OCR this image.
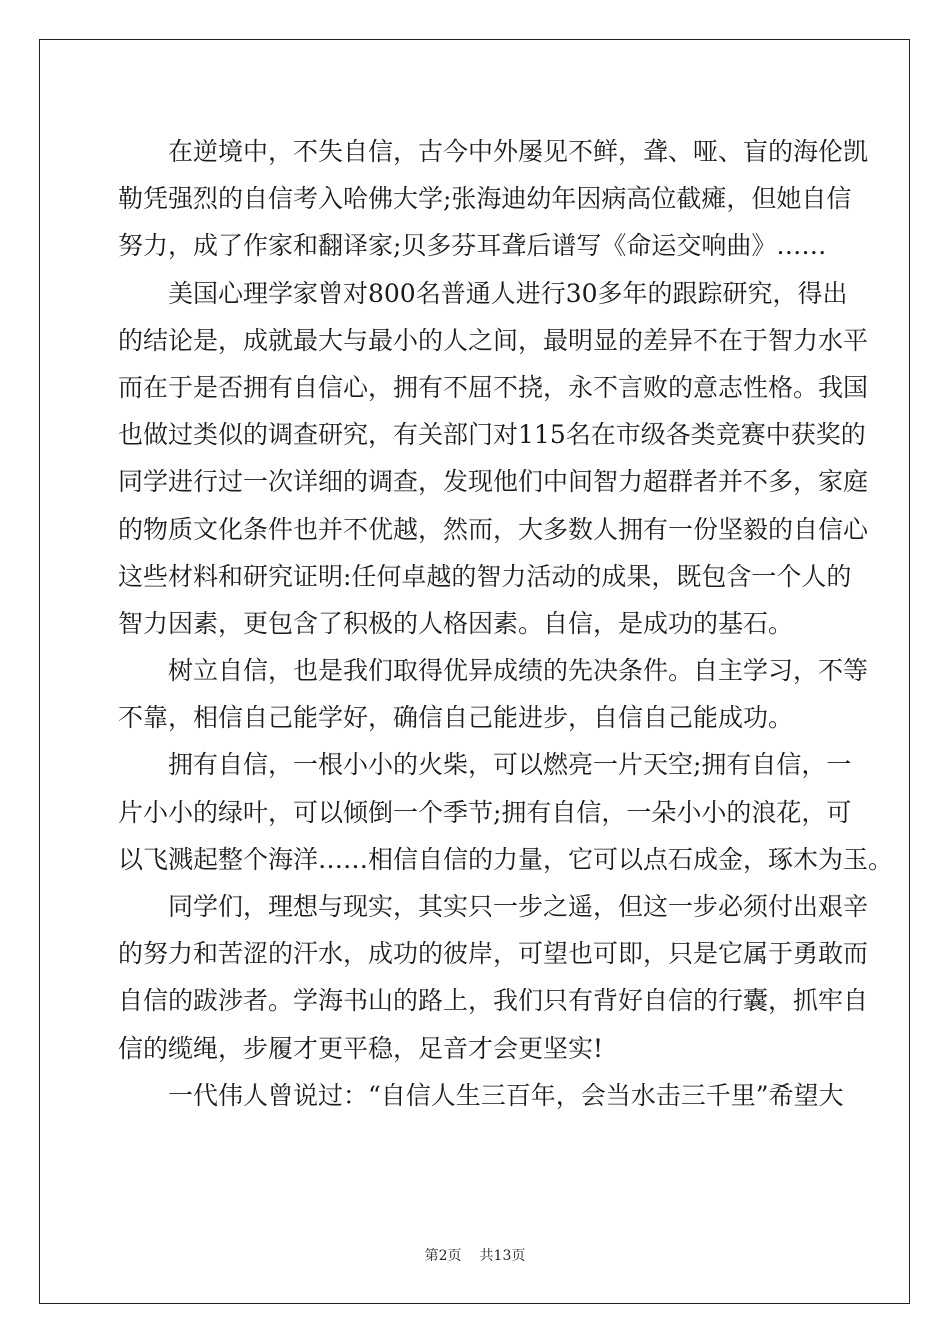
　　在逆境中，不失自信，古今中外屡见不鲜，聋、哑、盲的海伦凯
勒凭强烈的自信考入哈佛大学;张海迪幼年因病高位截瘫，但她自信
努力，成了作家和翻译家;贝多芬耳聋后谱写《命运交响曲》……
　　美国心理学家曾对800名普通人进行30多年的跟踪研究，得出
的结论是，成就最大与最小的人之间，最明显的差异不在于智力水平
而在于是否拥有自信心，拥有不屈不挠，永不言败的意志性格。我国
也做过类似的调查研究，有关部门对115名在市级各类竞赛中获奖的
同学进行过一次详细的调查，发现他们中间智力超群者并不多，家庭
的物质文化条件也并不优越，然而，大多数人拥有一份坚毅的自信心
这些材料和研究证明:任何卓越的智力活动的成果，既包含一个人的
智力因素，更包含了积极的人格因素。自信，是成功的基石。
　　树立自信，也是我们取得优异成绩的先决条件。自主学习，不等
不靠，相信自己能学好，确信自己能进步，自信自己能成功。
　　拥有自信，一根小小的火柴，可以燃亮一片天空;拥有自信，一
片小小的绿叶，可以倾倒一个季节;拥有自信，一朵小小的浪花，可
以飞溅起整个海洋……相信自信的力量，它可以点石成金，琢木为玉。
　　同学们，理想与现实，其实只一步之遥，但这一步必须付出艰辛
的努力和苦涩的汗水，成功的彼岸，可望也可即，只是它属于勇敢而
自信的跋涉者。学海书山的路上，我们只有背好自信的行囊，抓牢自
信的缆绳，步履才更平稳，足音才会更坚实!
　　一代伟人曾说过：“自信人生三百年，会当水击三千里”希望大
第2页 共13页
